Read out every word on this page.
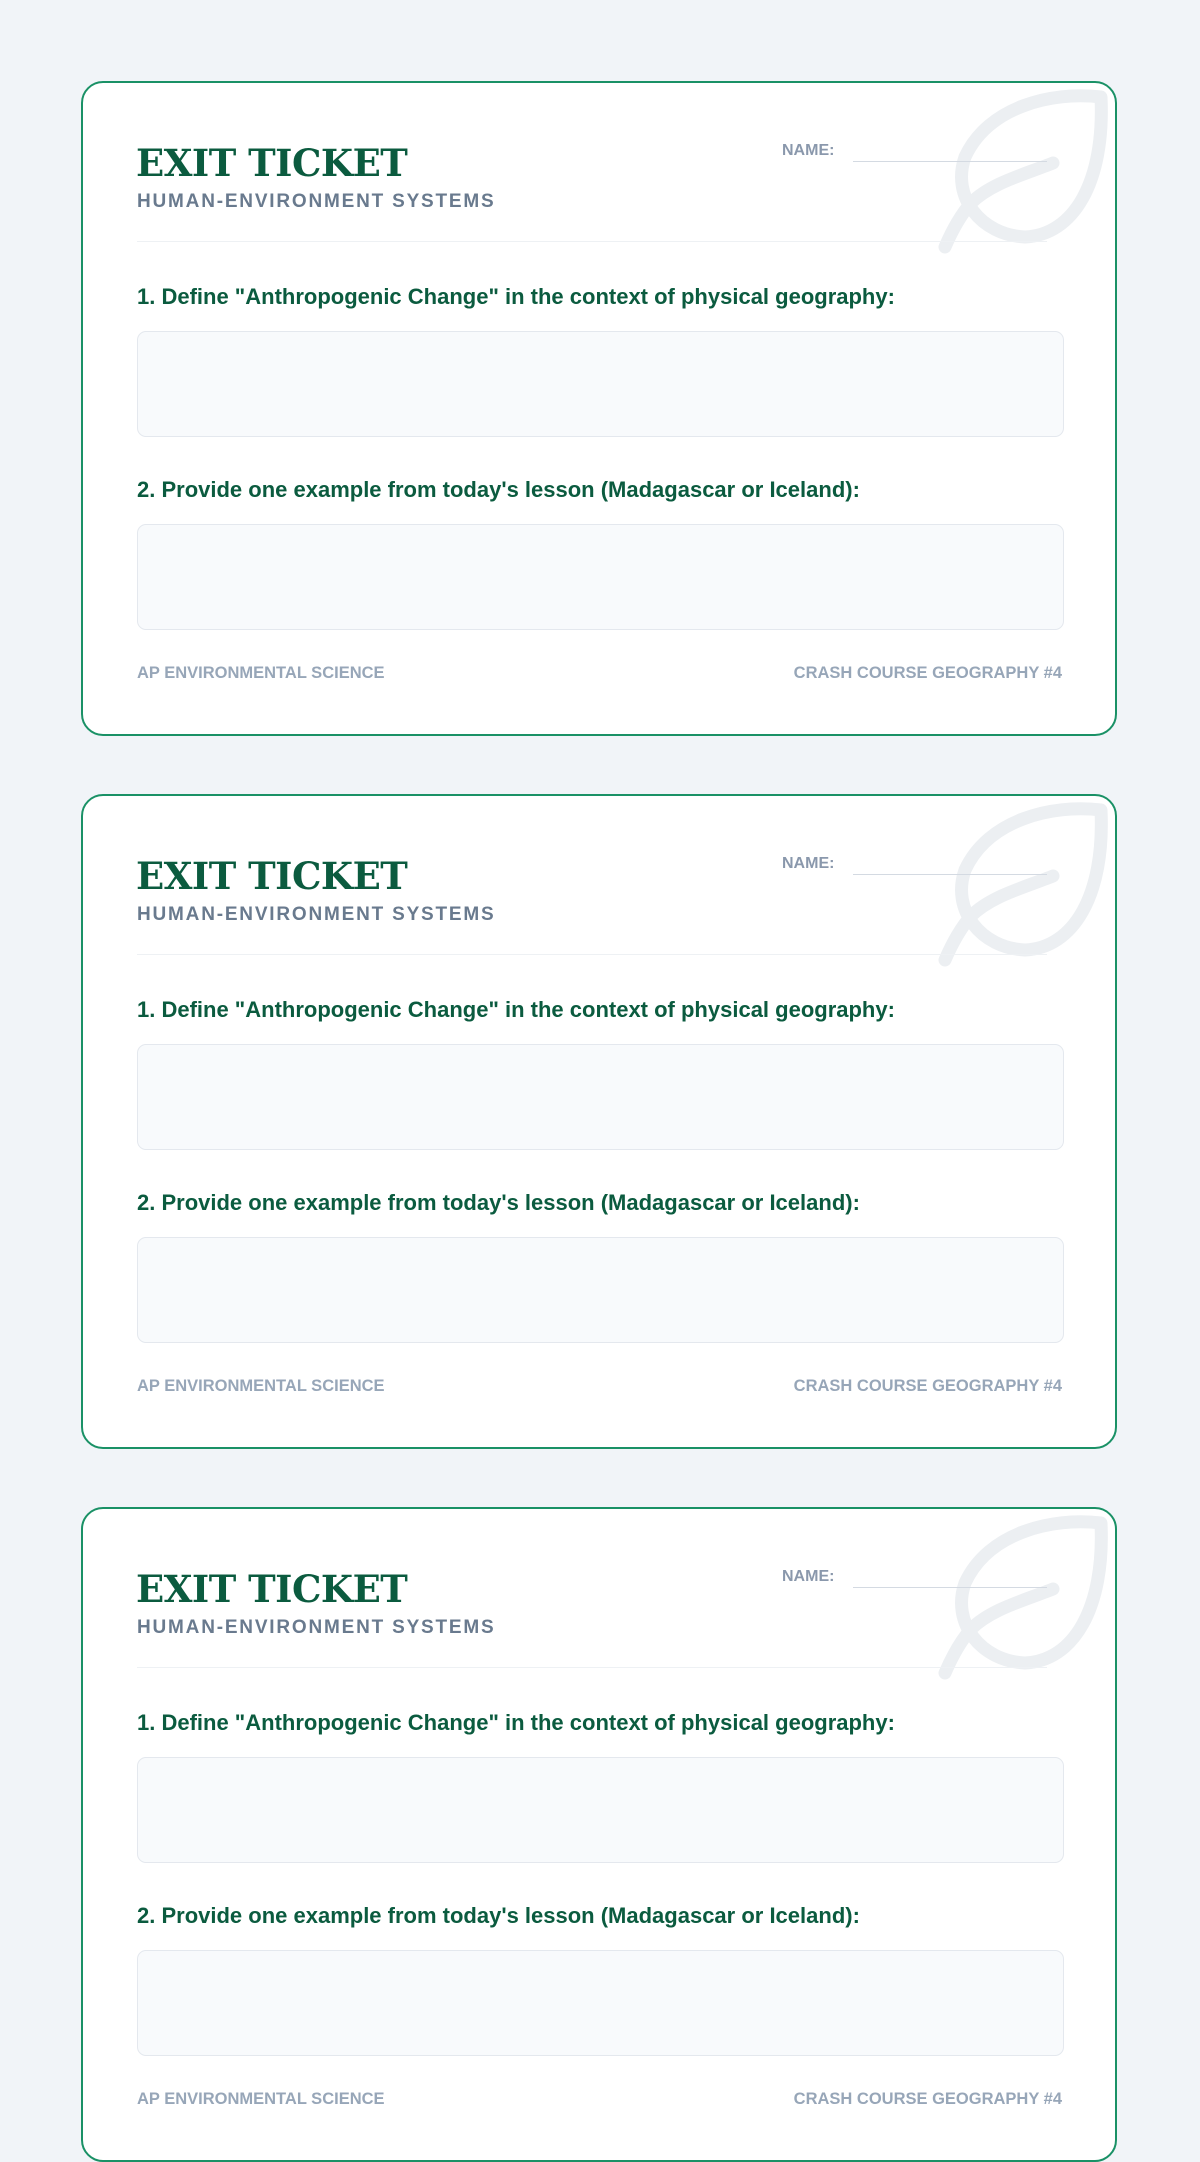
EXIT TICKET
HUMAN-ENVIRONMENT SYSTEMS
NAME:
1. Define "Anthropogenic Change" in the context of physical geography:
2. Provide one example from today's lesson (Madagascar or Iceland):
AP ENVIRONMENTAL SCIENCE	CRASH COURSE GEOGRAPHY #4
EXIT TICKET
HUMAN-ENVIRONMENT SYSTEMS
NAME:
1. Define "Anthropogenic Change" in the context of physical geography:
2. Provide one example from today's lesson (Madagascar or Iceland):
AP ENVIRONMENTAL SCIENCE	CRASH COURSE GEOGRAPHY #4
EXIT TICKET
HUMAN-ENVIRONMENT SYSTEMS
NAME:
1. Define "Anthropogenic Change" in the context of physical geography:
2. Provide one example from today's lesson (Madagascar or Iceland):
AP ENVIRONMENTAL SCIENCE	CRASH COURSE GEOGRAPHY #4
